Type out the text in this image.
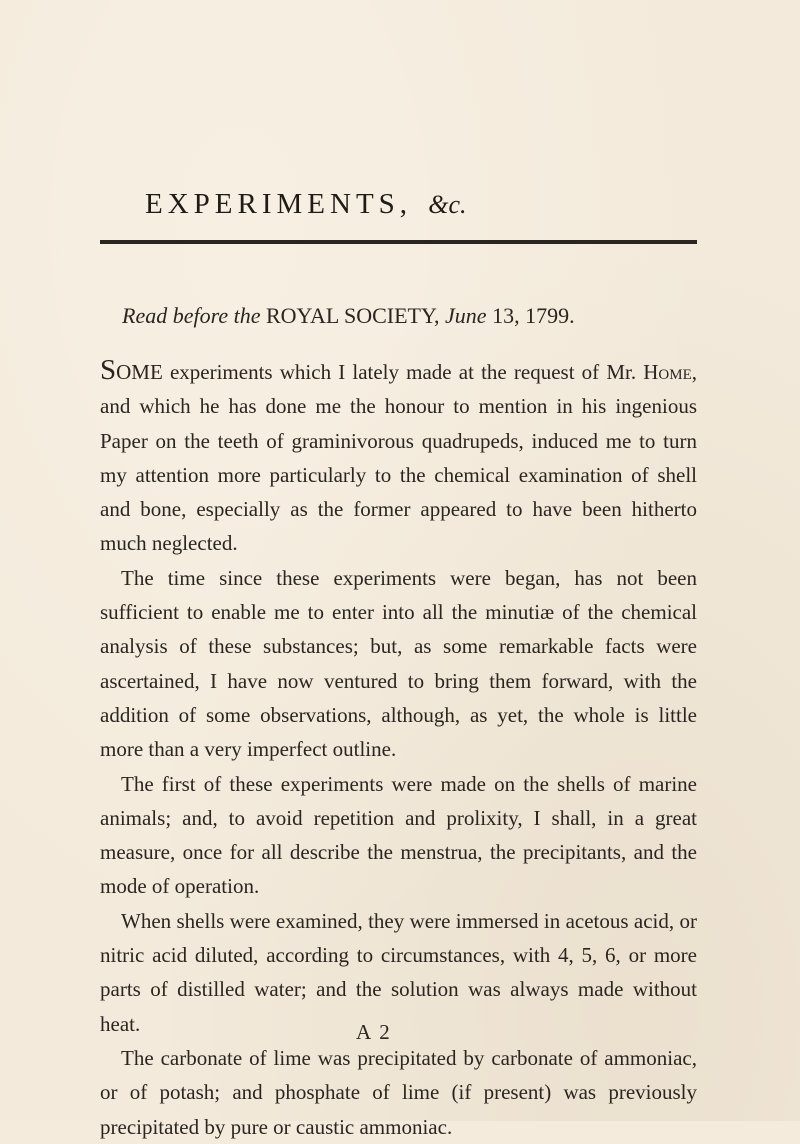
EXPERIMENTS, &c.
Read before the ROYAL SOCIETY, June 13, 1799.

SOME experiments which I lately made at the request of Mr. Home, and which he has done me the honour to mention in his ingenious Paper on the teeth of graminivorous quadrupeds, induced me to turn my attention more particularly to the chemical examination of shell and bone, especially as the former appeared to have been hitherto much neglected.

The time since these experiments were began, has not been sufficient to enable me to enter into all the minutiæ of the chemical analysis of these substances; but, as some remarkable facts were ascertained, I have now ventured to bring them forward, with the addition of some observations, although, as yet, the whole is little more than a very imperfect outline.

The first of these experiments were made on the shells of marine animals; and, to avoid repetition and prolixity, I shall, in a great measure, once for all describe the menstrua, the precipitants, and the mode of operation.

When shells were examined, they were immersed in acetous acid, or nitric acid diluted, according to circumstances, with 4, 5, 6, or more parts of distilled water; and the solution was always made without heat.

The carbonate of lime was precipitated by carbonate of ammoniac, or of potash; and phosphate of lime (if present) was previously precipitated by pure or caustic ammoniac.

A 2
